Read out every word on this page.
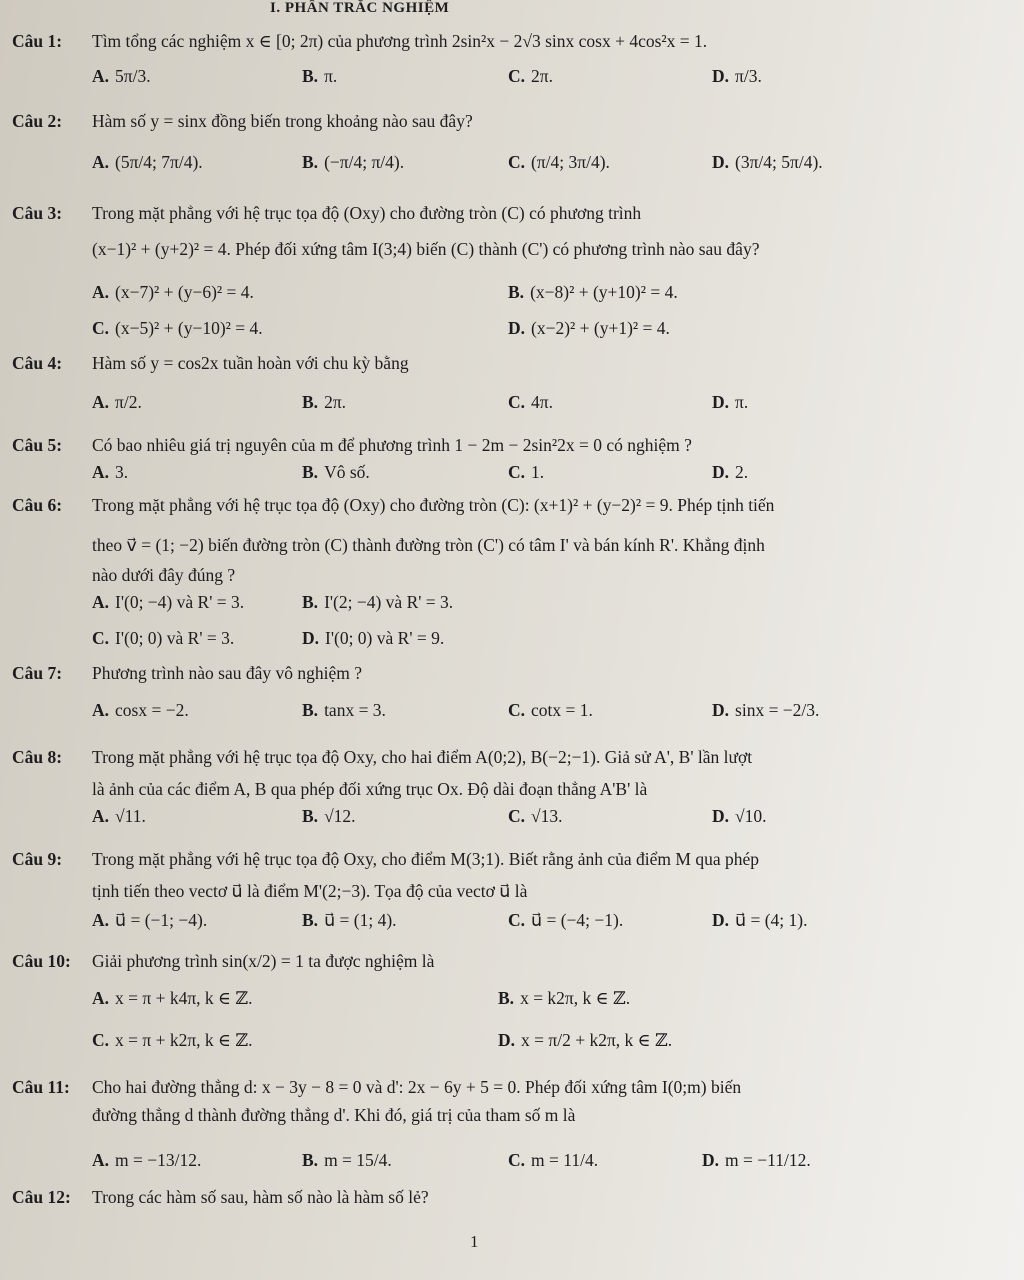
I. PHẦN TRẮC NGHIỆM
Câu 1: Tìm tổng các nghiệm x ∈ [0; 2π) của phương trình 2sin²x − 2√3 sinx cosx + 4cos²x = 1.
A. 5π/3.	B. π.	C. 2π.	D. π/3.
Câu 2: Hàm số y = sinx đồng biến trong khoảng nào sau đây?
A. (5π/4; 7π/4).	B. (−π/4; π/4).	C. (π/4; 3π/4).	D. (3π/4; 5π/4).
Câu 3: Trong mặt phẳng với hệ trục tọa độ (Oxy) cho đường tròn (C) có phương trình
(x−1)² + (y+2)² = 4. Phép đối xứng tâm I(3;4) biến (C) thành (C') có phương trình nào sau đây?
A. (x−7)² + (y−6)² = 4.	B. (x−8)² + (y+10)² = 4.
C. (x−5)² + (y−10)² = 4.	D. (x−2)² + (y+1)² = 4.
Câu 4: Hàm số y = cos2x tuần hoàn với chu kỳ bằng
A. π/2.	B. 2π.	C. 4π.	D. π.
Câu 5: Có bao nhiêu giá trị nguyên của m để phương trình 1 − 2m − 2sin²2x = 0 có nghiệm ?
A. 3.	B. Vô số.	C. 1.	D. 2.
Câu 6: Trong mặt phẳng với hệ trục tọa độ (Oxy) cho đường tròn (C): (x+1)² + (y−2)² = 9. Phép tịnh tiến
theo v⃗ = (1; −2) biến đường tròn (C) thành đường tròn (C') có tâm I' và bán kính R'. Khẳng định
nào dưới đây đúng ?
A. I'(0; −4) và R' = 3.	B. I'(2; −4) và R' = 3.
C. I'(0; 0) và R' = 3.	D. I'(0; 0) và R' = 9.
Câu 7: Phương trình nào sau đây vô nghiệm ?
A. cosx = −2.	B. tanx = 3.	C. cotx = 1.	D. sinx = −2/3.
Câu 8: Trong mặt phẳng với hệ trục tọa độ Oxy, cho hai điểm A(0;2), B(−2;−1). Giả sử A', B' lần lượt
là ảnh của các điểm A, B qua phép đối xứng trục Ox. Độ dài đoạn thẳng A'B' là
A. √11.	B. √12.	C. √13.	D. √10.
Câu 9: Trong mặt phẳng với hệ trục tọa độ Oxy, cho điểm M(3;1). Biết rằng ảnh của điểm M qua phép
tịnh tiến theo vectơ u⃗ là điểm M'(2;−3). Tọa độ của vectơ u⃗ là
A. u⃗ = (−1; −4).	B. u⃗ = (1; 4).	C. u⃗ = (−4; −1).	D. u⃗ = (4; 1).
Câu 10: Giải phương trình sin(x/2) = 1 ta được nghiệm là
A. x = π + k4π, k ∈ ℤ.	B. x = k2π, k ∈ ℤ.
C. x = π + k2π, k ∈ ℤ.	D. x = π/2 + k2π, k ∈ ℤ.
Câu 11: Cho hai đường thẳng d: x − 3y − 8 = 0 và d': 2x − 6y + 5 = 0. Phép đối xứng tâm I(0;m) biến
đường thẳng d thành đường thẳng d'. Khi đó, giá trị của tham số m là
A. m = −13/12.	B. m = 15/4.	C. m = 11/4.	D. m = −11/12.
Câu 12: Trong các hàm số sau, hàm số nào là hàm số lẻ?
1
